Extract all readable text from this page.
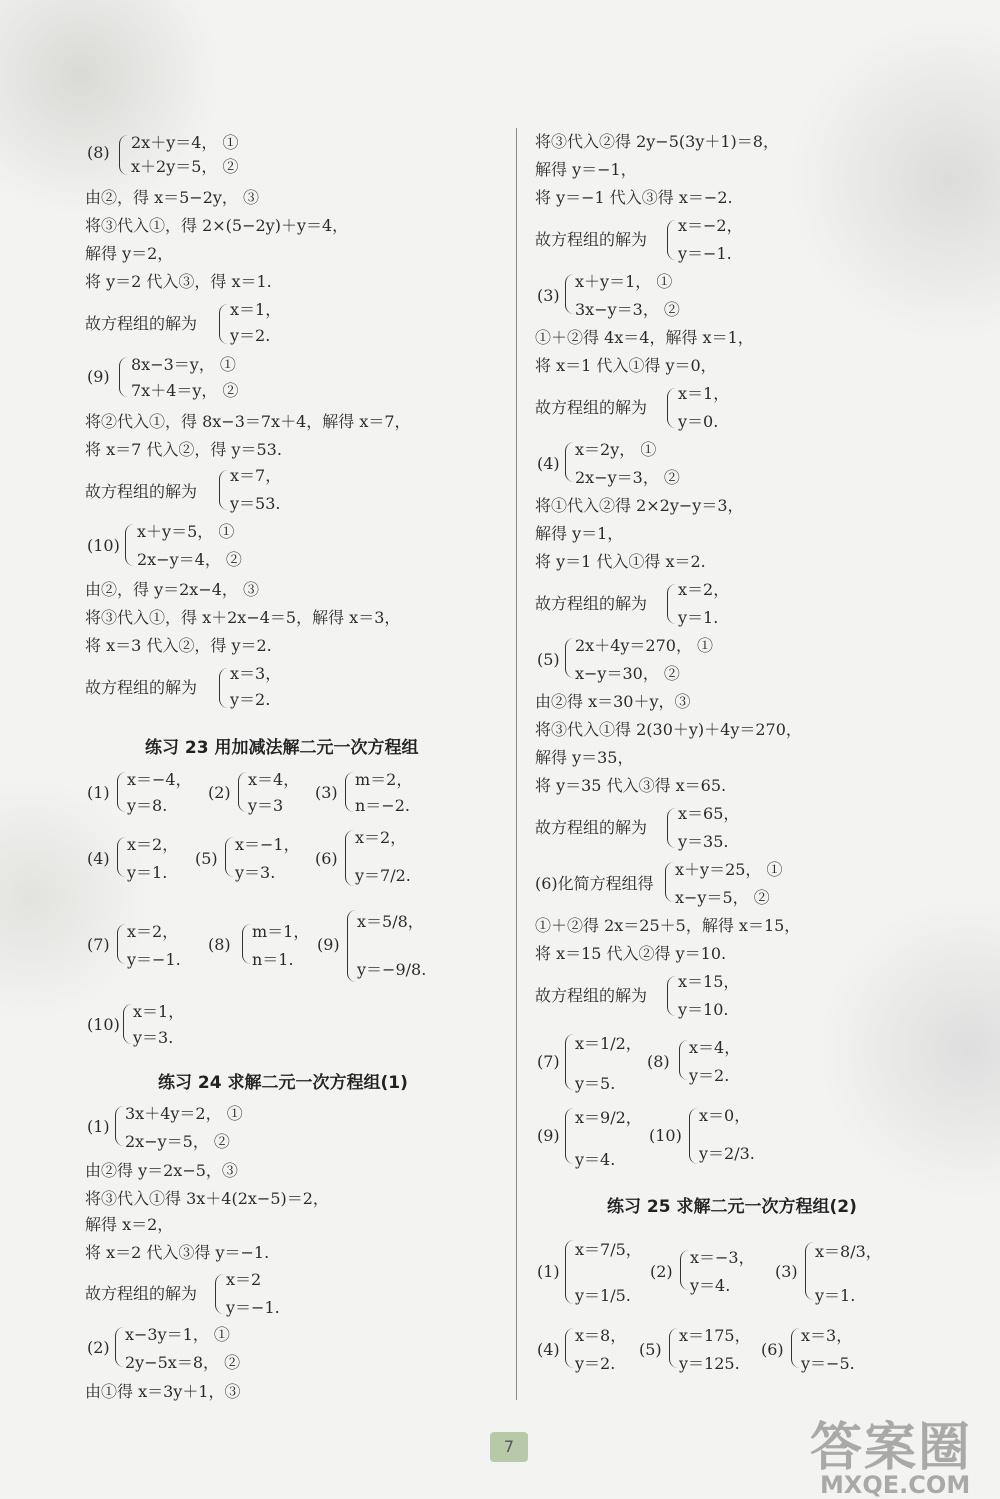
(8)
2x＋y＝4， ①
x＋2y＝5， ②
由②，得 x＝5−2y， ③
将③代入①，得 2×(5−2y)＋y＝4，
解得 y＝2，
将 y＝2 代入③，得 x＝1.
故方程组的解为
x＝1，
y＝2.
(9)
8x−3＝y， ①
7x＋4＝y， ②
将②代入①，得 8x−3＝7x＋4，解得 x＝7，
将 x＝7 代入②，得 y＝53.
故方程组的解为
x＝7，
y＝53.
(10)
x＋y＝5， ①
2x−y＝4， ②
由②，得 y＝2x−4， ③
将③代入①，得 x＋2x−4＝5，解得 x＝3，
将 x＝3 代入②，得 y＝2.
故方程组的解为
x＝3，
y＝2.
练习 23 用加减法解二元一次方程组
(1)
x＝−4，
y＝8.
(2)
x＝4，
y＝3
(3)
m＝2，
n＝−2.
(4)
x＝2，
y＝1.
(5)
x＝−1，
y＝3.
(6)
x＝2，
y＝7/2.
(7)
x＝2，
y＝−1.
(8)
m＝1，
n＝1.
(9)
x＝5/8，
y＝−9/8.
(10)
x＝1，
y＝3.
练习 24 求解二元一次方程组(1)
(1)
3x＋4y＝2， ①
2x−y＝5， ②
由②得 y＝2x−5，③
将③代入①得 3x＋4(2x−5)＝2，
解得 x＝2，
将 x＝2 代入③得 y＝−1.
故方程组的解为
x＝2
y＝−1.
(2)
x−3y＝1， ①
2y−5x＝8， ②
由①得 x＝3y＋1，③
将③代入②得 2y−5(3y＋1)＝8，
解得 y＝−1，
将 y＝−1 代入③得 x＝−2.
故方程组的解为
x＝−2，
y＝−1.
(3)
x＋y＝1， ①
3x−y＝3， ②
①＋②得 4x＝4，解得 x＝1，
将 x＝1 代入①得 y＝0，
故方程组的解为
x＝1，
y＝0.
(4)
x＝2y， ①
2x−y＝3， ②
将①代入②得 2×2y−y＝3，
解得 y＝1，
将 y＝1 代入①得 x＝2.
故方程组的解为
x＝2，
y＝1.
(5)
2x＋4y＝270， ①
x−y＝30， ②
由②得 x＝30＋y，③
将③代入①得 2(30＋y)＋4y＝270，
解得 y＝35，
将 y＝35 代入③得 x＝65.
故方程组的解为
x＝65，
y＝35.
(6)化简方程组得
x＋y＝25， ①
x−y＝5， ②
①＋②得 2x＝25＋5，解得 x＝15，
将 x＝15 代入②得 y＝10.
故方程组的解为
x＝15，
y＝10.
(7)
x＝1/2，
y＝5.
(8)
x＝4，
y＝2.
(9)
x＝9/2，
y＝4.
(10)
x＝0，
y＝2/3.
练习 25 求解二元一次方程组(2)
(1)
x＝7/5，
y＝1/5.
(2)
x＝−3，
y＝4.
(3)
x＝8/3，
y＝1.
(4)
x＝8，
y＝2.
(5)
x＝175，
y＝125.
(6)
x＝3，
y＝−5.
7	答案圈
MXQE.COM
